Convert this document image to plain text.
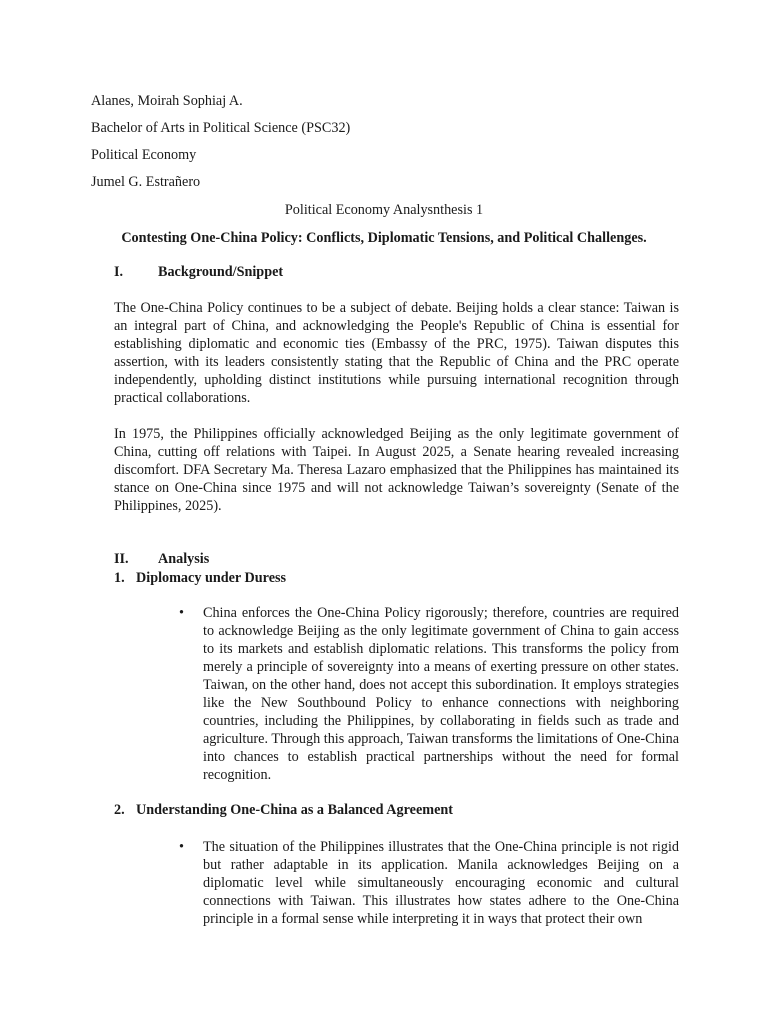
Alanes, Moirah Sophiaj A.

Bachelor of Arts in Political Science (PSC32)

Political Economy

Jumel G. Estrañero

Political Economy Analysnthesis 1

Contesting One-China Policy: Conflicts, Diplomatic Tensions, and Political Challenges.

I. Background/Snippet

The One-China Policy continues to be a subject of debate. Beijing holds a clear stance: Taiwan is an integral part of China, and acknowledging the People's Republic of China is essential for establishing diplomatic and economic ties (Embassy of the PRC, 1975). Taiwan disputes this assertion, with its leaders consistently stating that the Republic of China and the PRC operate independently, upholding distinct institutions while pursuing international recognition through practical collaborations.

In 1975, the Philippines officially acknowledged Beijing as the only legitimate government of China, cutting off relations with Taipei. In August 2025, a Senate hearing revealed increasing discomfort. DFA Secretary Ma. Theresa Lazaro emphasized that the Philippines has maintained its stance on One-China since 1975 and will not acknowledge Taiwan’s sovereignty (Senate of the Philippines, 2025).

II. Analysis

1. Diplomacy under Duress

• China enforces the One-China Policy rigorously; therefore, countries are required to acknowledge Beijing as the only legitimate government of China to gain access to its markets and establish diplomatic relations. This transforms the policy from merely a principle of sovereignty into a means of exerting pressure on other states. Taiwan, on the other hand, does not accept this subordination. It employs strategies like the New Southbound Policy to enhance connections with neighboring countries, including the Philippines, by collaborating in fields such as trade and agriculture. Through this approach, Taiwan transforms the limitations of One-China into chances to establish practical partnerships without the need for formal recognition.

2. Understanding One-China as a Balanced Agreement

• The situation of the Philippines illustrates that the One-China principle is not rigid but rather adaptable in its application. Manila acknowledges Beijing on a diplomatic level while simultaneously encouraging economic and cultural connections with Taiwan. This illustrates how states adhere to the One-China principle in a formal sense while interpreting it in ways that protect their own
